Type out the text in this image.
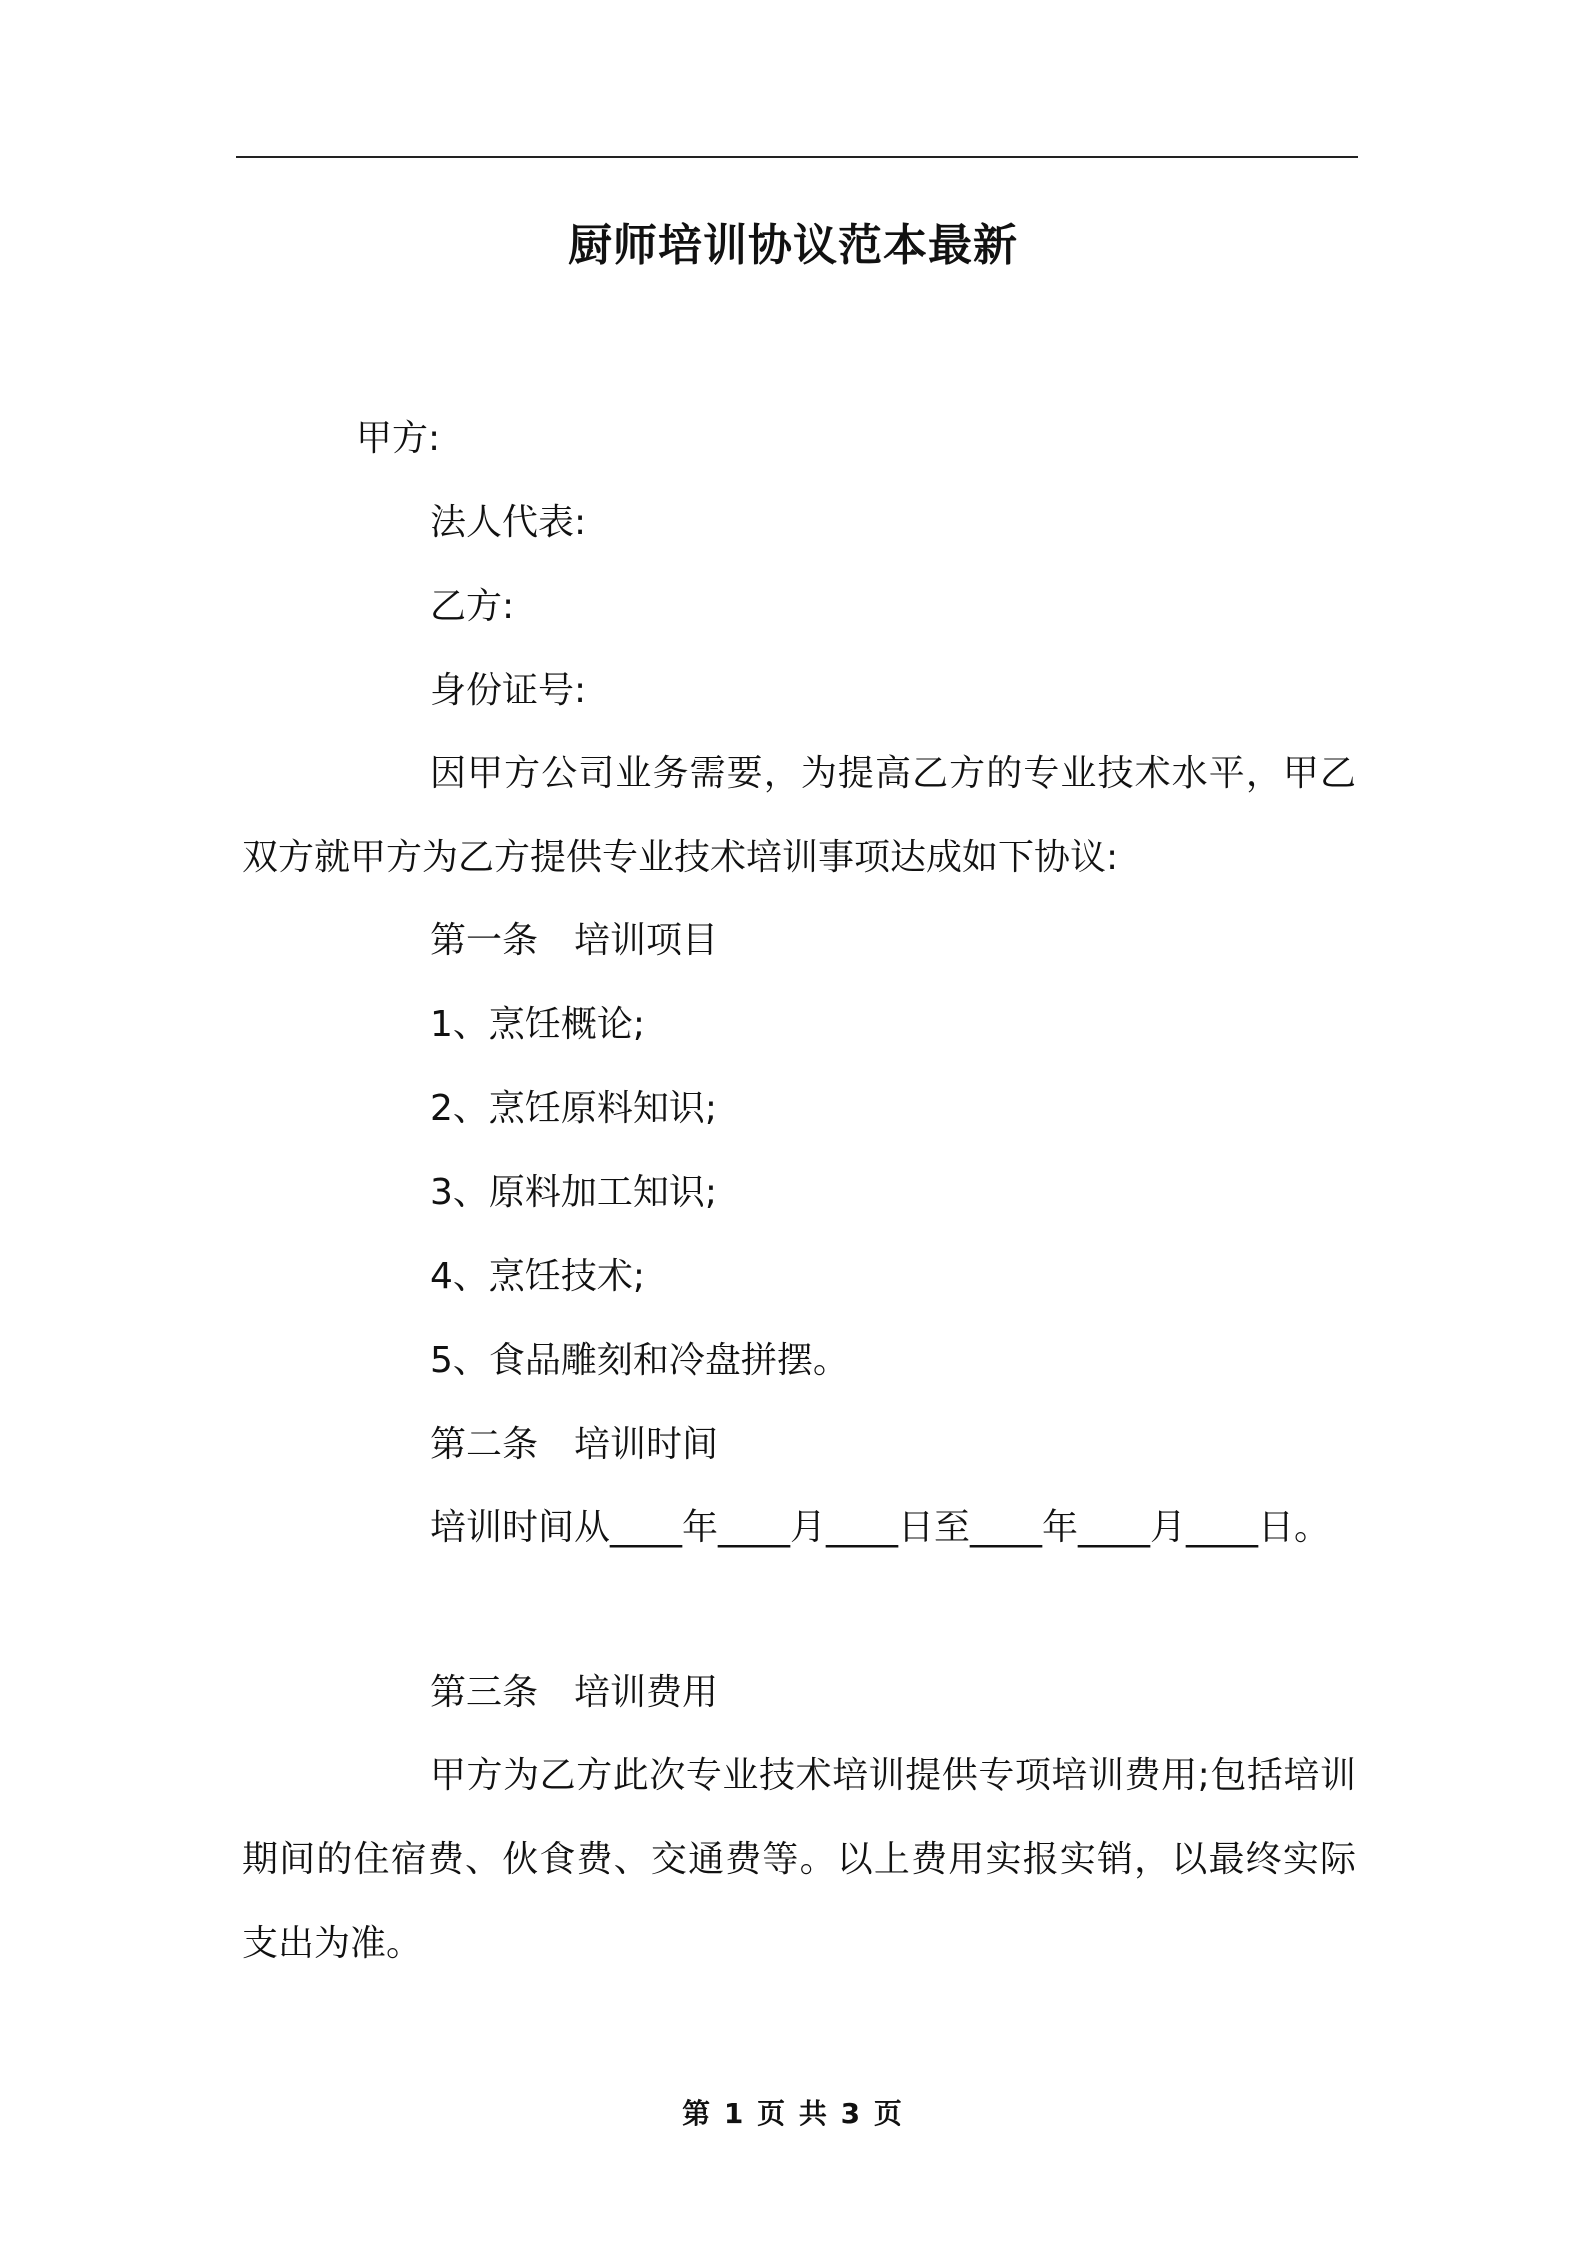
厨师培训协议范本最新
甲方:
法人代表:
乙方:
身份证号:

因甲方公司业务需要，为提高乙方的专业技术水平，甲乙双方就甲方为乙方提供专业技术培训事项达成如下协议:

第一条　培训项目
1、烹饪概论;
2、烹饪原料知识;
3、原料加工知识;
4、烹饪技术;
5、食品雕刻和冷盘拼摆。
第二条　培训时间

培训时间从____年____月____日至____年____月____日。

第三条　培训费用

甲方为乙方此次专业技术培训提供专项培训费用;包括培训期间的住宿费、伙食费、交通费等。以上费用实报实销，以最终实际支出为准。

第 1 页 共 3 页
